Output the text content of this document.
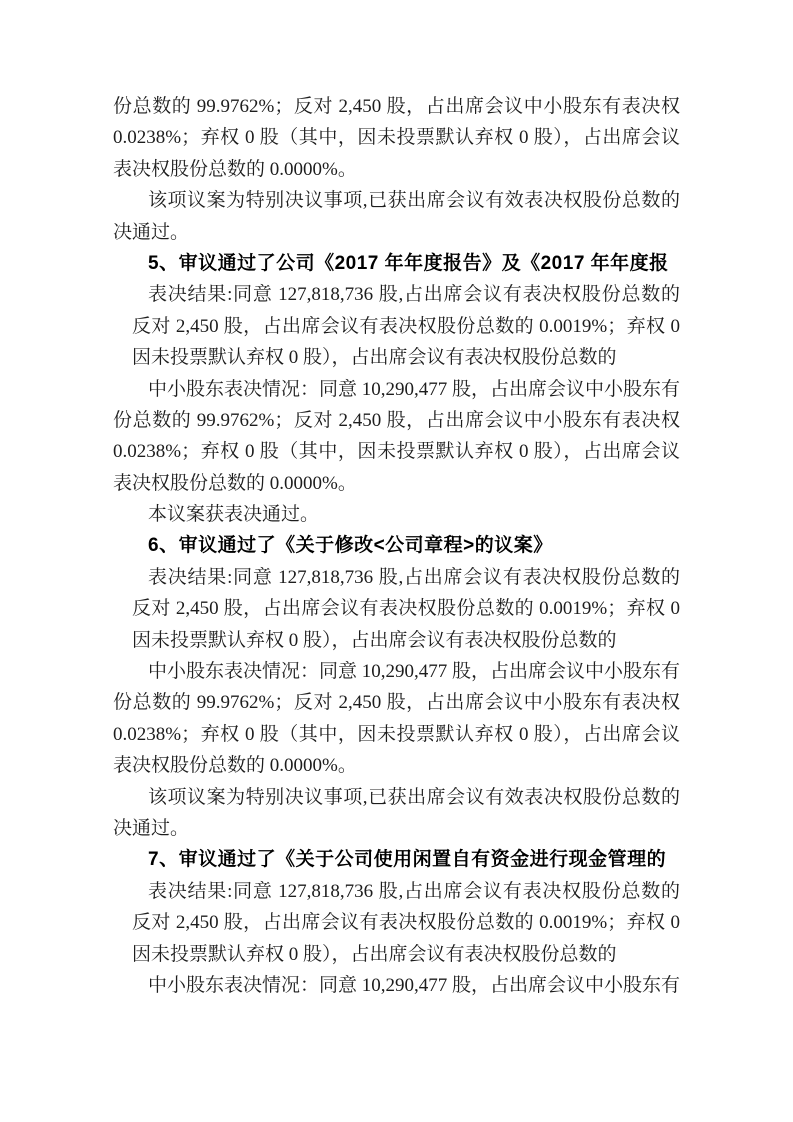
份总数的 99.9762%；反对 2,450 股，占出席会议中小股东有表决权
0.0238%；弃权 0 股（其中，因未投票默认弃权 0 股），占出席会议
表决权股份总数的 0.0000%。
该项议案为特别决议事项,已获出席会议有效表决权股份总数的
决通过。
5、审议通过了公司《2017 年年度报告》及《2017 年年度报
表决结果:同意 127,818,736 股,占出席会议有表决权股份总数的
反对 2,450 股，占出席会议有表决权股份总数的 0.0019%；弃权 0
因未投票默认弃权 0 股），占出席会议有表决权股份总数的
中小股东表决情况：同意 10,290,477 股，占出席会议中小股东有
份总数的 99.9762%；反对 2,450 股，占出席会议中小股东有表决权
0.0238%；弃权 0 股（其中，因未投票默认弃权 0 股），占出席会议
表决权股份总数的 0.0000%。
本议案获表决通过。
6、审议通过了《关于修改<公司章程>的议案》
表决结果:同意 127,818,736 股,占出席会议有表决权股份总数的
反对 2,450 股，占出席会议有表决权股份总数的 0.0019%；弃权 0
因未投票默认弃权 0 股），占出席会议有表决权股份总数的
中小股东表决情况：同意 10,290,477 股，占出席会议中小股东有
份总数的 99.9762%；反对 2,450 股，占出席会议中小股东有表决权
0.0238%；弃权 0 股（其中，因未投票默认弃权 0 股），占出席会议
表决权股份总数的 0.0000%。
该项议案为特别决议事项,已获出席会议有效表决权股份总数的
决通过。
7、审议通过了《关于公司使用闲置自有资金进行现金管理的
表决结果:同意 127,818,736 股,占出席会议有表决权股份总数的
反对 2,450 股，占出席会议有表决权股份总数的 0.0019%；弃权 0
因未投票默认弃权 0 股），占出席会议有表决权股份总数的
中小股东表决情况：同意 10,290,477 股，占出席会议中小股东有
